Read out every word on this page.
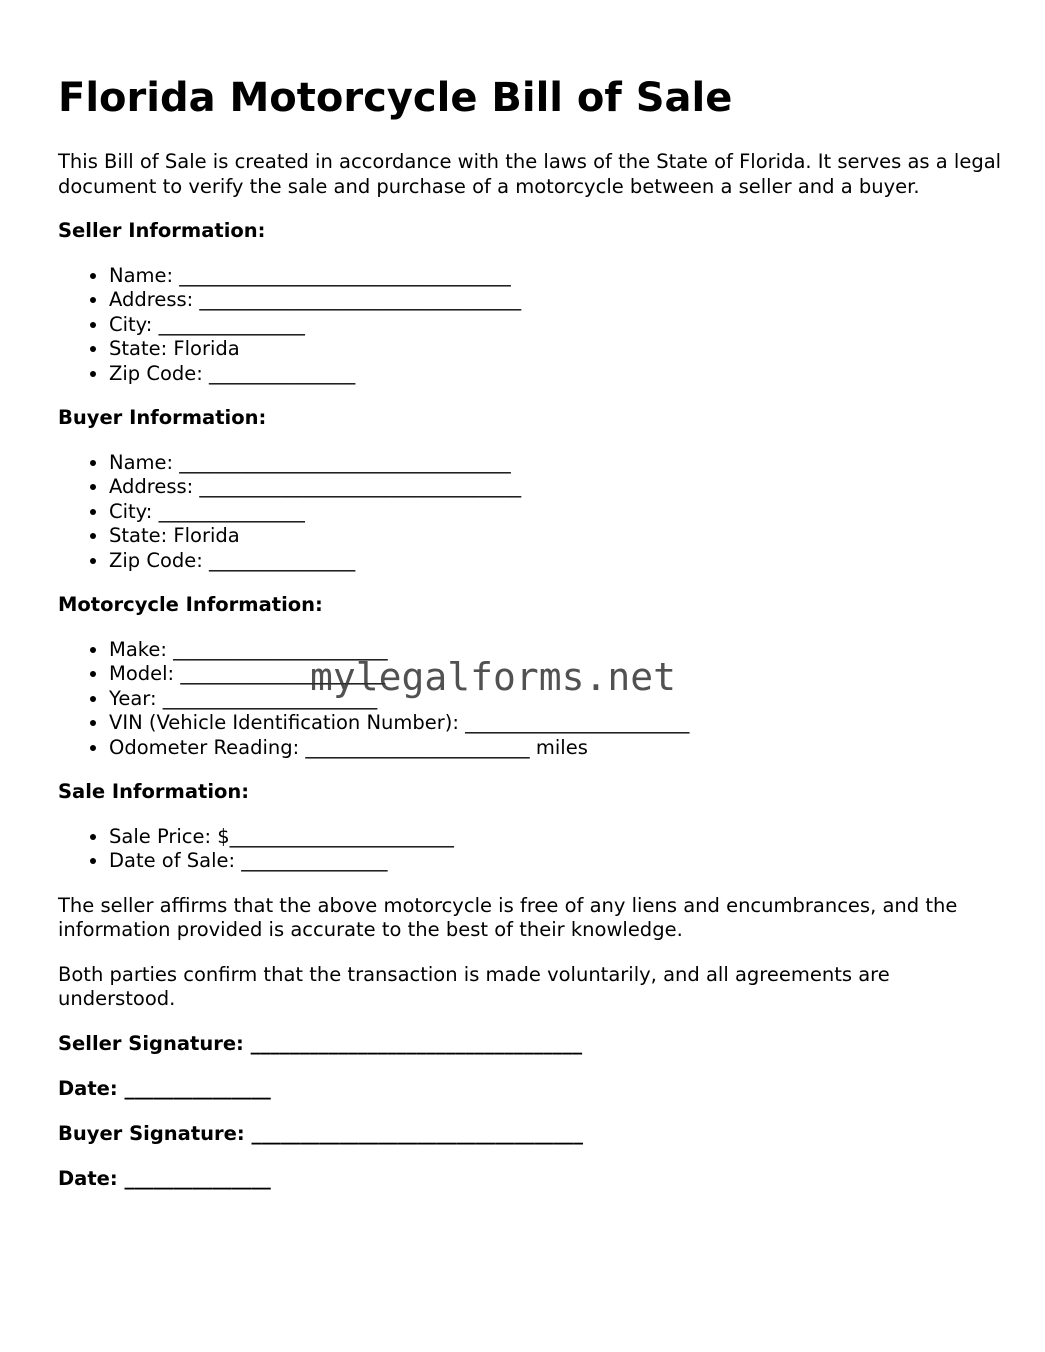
Florida Motorcycle Bill of Sale

This Bill of Sale is created in accordance with the laws of the State of Florida. It serves as a legal document to verify the sale and purchase of a motorcycle between a seller and a buyer.

Seller Information:
• Name: __________________________________
• Address: _________________________________
• City: _______________
• State: Florida
• Zip Code: _______________
Buyer Information:
• Name: __________________________________
• Address: _________________________________
• City: _______________
• State: Florida
• Zip Code: _______________
Motorcycle Information:
• Make: ______________________
• Model: _____________________
• Year: ______________________
• VIN (Vehicle Identification Number): _______________________
• Odometer Reading: _______________________ miles
Sale Information:
• Sale Price: $_______________________
• Date of Sale: _______________

The seller affirms that the above motorcycle is free of any liens and encumbrances, and the information provided is accurate to the best of their knowledge.

Both parties confirm that the transaction is made voluntarily, and all agreements are understood.

Seller Signature: __________________________________
Date: _______________
Buyer Signature: __________________________________
Date: _______________
mylegalforms.net
